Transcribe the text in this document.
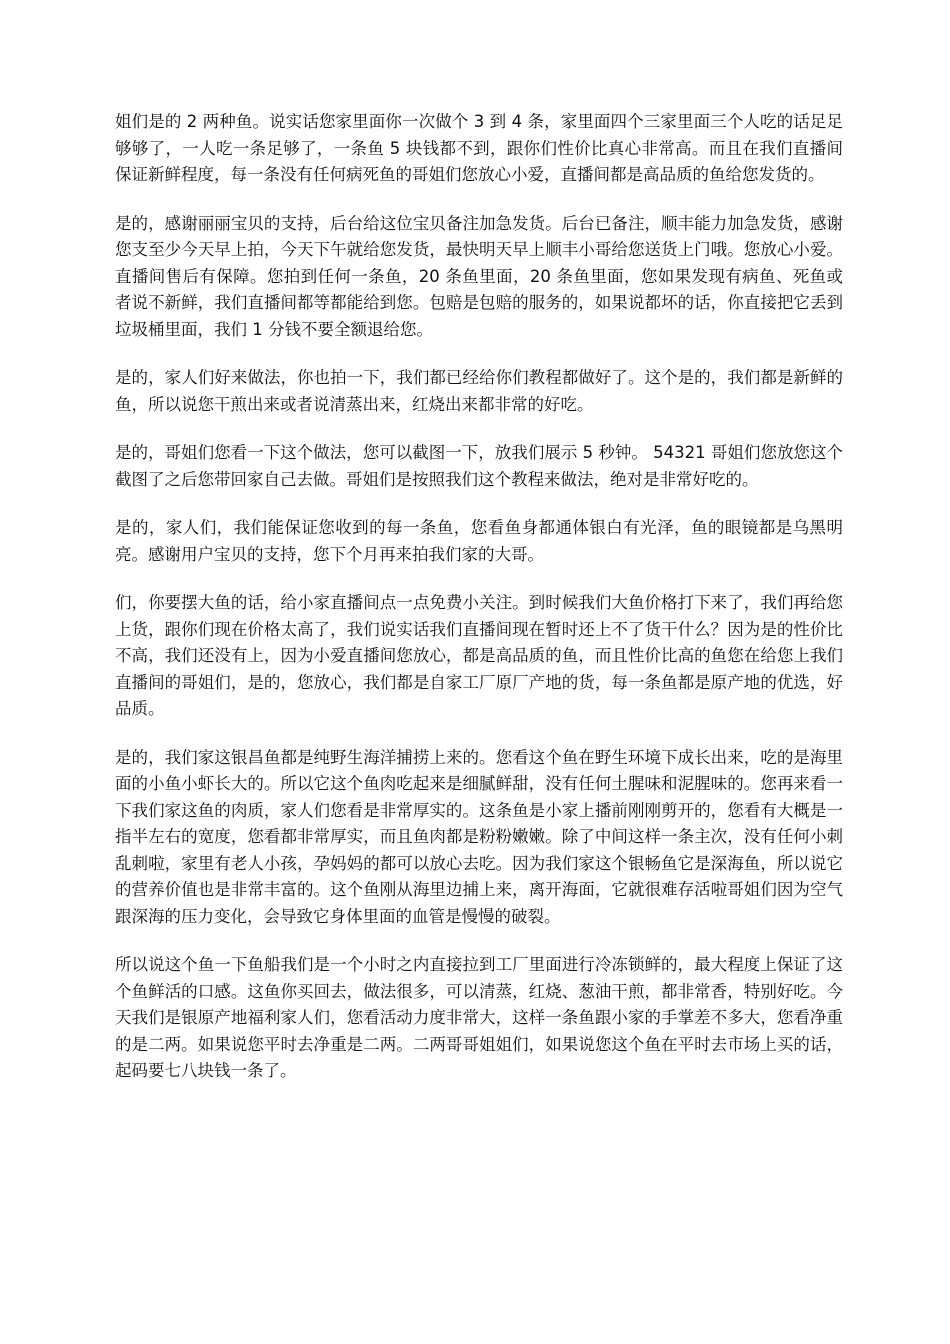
姐们是的 2 两种鱼。说实话您家里面你一次做个 3 到 4 条，家里面四个三家里面三个人吃的话足足够够了，一人吃一条足够了，一条鱼 5 块钱都不到，跟你们性价比真心非常高。而且在我们直播间保证新鲜程度，每一条没有任何病死鱼的哥姐们您放心小爱，直播间都是高品质的鱼给您发货的。

是的，感谢丽丽宝贝的支持，后台给这位宝贝备注加急发货。后台已备注，顺丰能力加急发货，感谢您支至少今天早上拍，今天下午就给您发货，最快明天早上顺丰小哥给您送货上门哦。您放心小爱。直播间售后有保障。您拍到任何一条鱼，20 条鱼里面，20 条鱼里面，您如果发现有病鱼、死鱼或者说不新鲜，我们直播间都等都能给到您。包赔是包赔的服务的，如果说都坏的话，你直接把它丢到垃圾桶里面，我们 1 分钱不要全额退给您。

是的，家人们好来做法，你也拍一下，我们都已经给你们教程都做好了。这个是的，我们都是新鲜的鱼，所以说您干煎出来或者说清蒸出来，红烧出来都非常的好吃。

是的，哥姐们您看一下这个做法，您可以截图一下，放我们展示 5 秒钟。 54321 哥姐们您放您这个截图了之后您带回家自己去做。哥姐们是按照我们这个教程来做法，绝对是非常好吃的。

是的，家人们，我们能保证您收到的每一条鱼，您看鱼身都通体银白有光泽，鱼的眼镜都是乌黑明亮。感谢用户宝贝的支持，您下个月再来拍我们家的大哥。

们，你要摆大鱼的话，给小家直播间点一点免费小关注。到时候我们大鱼价格打下来了，我们再给您上货，跟你们现在价格太高了，我们说实话我们直播间现在暂时还上不了货干什么？因为是的性价比不高，我们还没有上，因为小爱直播间您放心，都是高品质的鱼，而且性价比高的鱼您在给您上我们直播间的哥姐们，是的，您放心，我们都是自家工厂原厂产地的货，每一条鱼都是原产地的优选，好品质。

是的，我们家这银昌鱼都是纯野生海洋捕捞上来的。您看这个鱼在野生环境下成长出来，吃的是海里面的小鱼小虾长大的。所以它这个鱼肉吃起来是细腻鲜甜，没有任何土腥味和泥腥味的。您再来看一下我们家这鱼的肉质，家人们您看是非常厚实的。这条鱼是小家上播前刚刚剪开的，您看有大概是一指半左右的宽度，您看都非常厚实，而且鱼肉都是粉粉嫩嫩。除了中间这样一条主次，没有任何小刺乱刺啦，家里有老人小孩，孕妈妈的都可以放心去吃。因为我们家这个银畅鱼它是深海鱼，所以说它的营养价值也是非常丰富的。这个鱼刚从海里边捕上来，离开海面，它就很难存活啦哥姐们因为空气跟深海的压力变化，会导致它身体里面的血管是慢慢的破裂。

所以说这个鱼一下鱼船我们是一个小时之内直接拉到工厂里面进行冷冻锁鲜的，最大程度上保证了这个鱼鲜活的口感。这鱼你买回去，做法很多，可以清蒸，红烧、葱油干煎，都非常香，特别好吃。今天我们是银原产地福利家人们，您看活动力度非常大，这样一条鱼跟小家的手掌差不多大，您看净重的是二两。如果说您平时去净重是二两。二两哥哥姐姐们，如果说您这个鱼在平时去市场上买的话，起码要七八块钱一条了。
